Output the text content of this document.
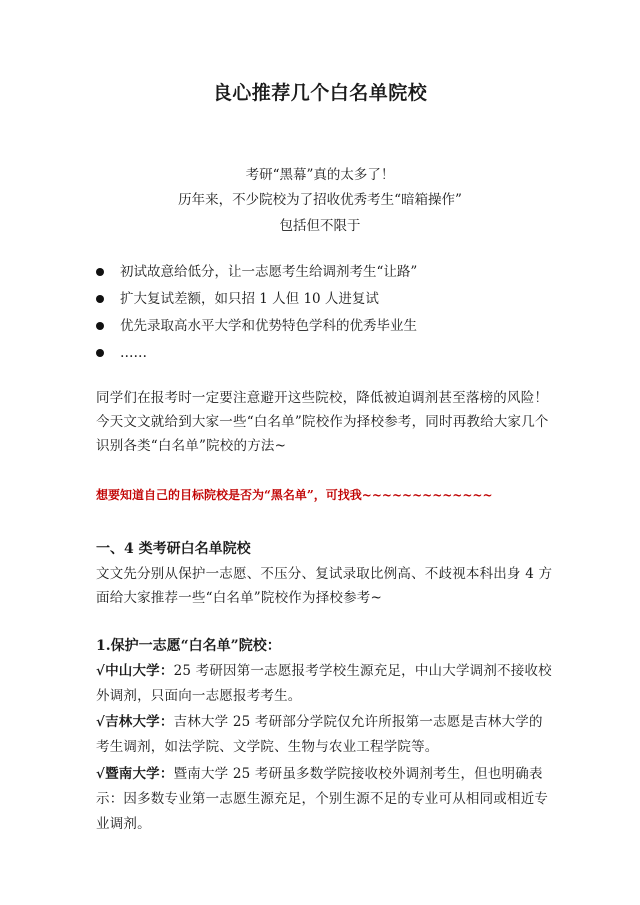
良心推荐几个白名单院校
考研“黑幕”真的太多了！
历年来，不少院校为了招收优秀考生“暗箱操作”
包括但不限于
初试故意给低分，让一志愿考生给调剂考生“让路”
扩大复试差额，如只招 1 人但 10 人进复试
优先录取高水平大学和优势特色学科的优秀毕业生
……
同学们在报考时一定要注意避开这些院校，降低被迫调剂甚至落榜的风险！今天文文就给到大家一些“白名单”院校作为择校参考，同时再教给大家几个识别各类“白名单”院校的方法~
想要知道自己的目标院校是否为“黑名单”，可找我~~~~~~~~~~~~~
一、4 类考研白名单院校
文文先分别从保护一志愿、不压分、复试录取比例高、不歧视本科出身 4 方面给大家推荐一些“白名单”院校作为择校参考~
1.保护一志愿“白名单”院校：
√中山大学：25 考研因第一志愿报考学校生源充足，中山大学调剂不接收校外调剂，只面向一志愿报考考生。
√吉林大学：吉林大学 25 考研部分学院仅允许所报第一志愿是吉林大学的考生调剂，如法学院、文学院、生物与农业工程学院等。
√暨南大学：暨南大学 25 考研虽多数学院接收校外调剂考生，但也明确表示：因多数专业第一志愿生源充足，个别生源不足的专业可从相同或相近专业调剂。
